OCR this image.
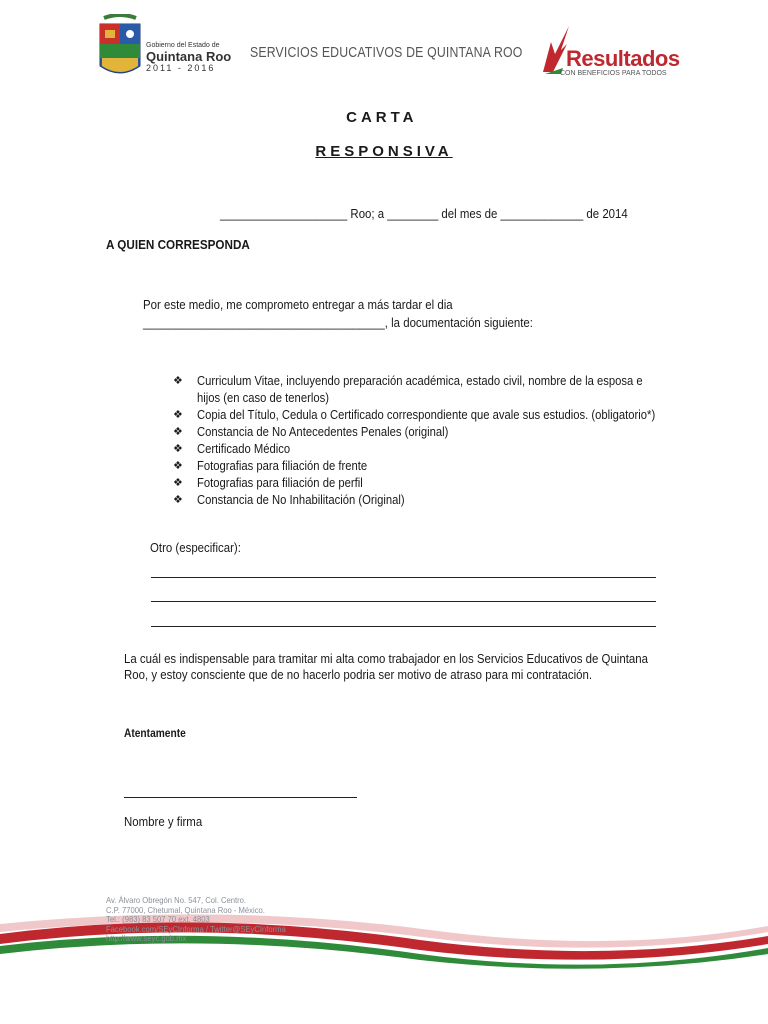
Gobierno del Estado de
Quintana Roo
2011 - 2016
SERVICIOS EDUCATIVOS DE QUINTANA ROO Resultados
CON BENEFICIOS PARA TODOS
CARTA
RESPONSIVA
____________________ Roo; a ________ del mes de _____________ de 2014
A QUIEN CORRESPONDA
Por este medio, me comprometo entregar a más tardar el dia
______________________________________, la documentación siguiente:
❖ Curriculum Vitae, incluyendo preparación académica, estado civil, nombre de la esposa e
hijos (en caso de tenerlos)
❖ Copia del Título, Cedula o Certificado correspondiente que avale sus estudios. (obligatorio*)
❖ Constancia de No Antecedentes Penales (original)
❖ Certificado Médico
❖ Fotografias para filiación de frente
❖ Fotografias para filiación de perfil
❖ Constancia de No Inhabilitación (Original)
Otro (especificar):
La cuál es indispensable para tramitar mi alta como trabajador en los Servicios Educativos de Quintana Roo, y estoy consciente que de no hacerlo podria ser motivo de atraso para mi contratación.
Atentamente
Nombre y firma
Av. Álvaro Obregón No. 547, Col. Centro.
C.P. 77000, Chetumal, Quintana Roo - México.
Tel.: (983) 83 507 70 ext. 4803
Facebook.com/SEyCInforma / Twitter@SEyCInforma
http://www.seyc.gob.mx
